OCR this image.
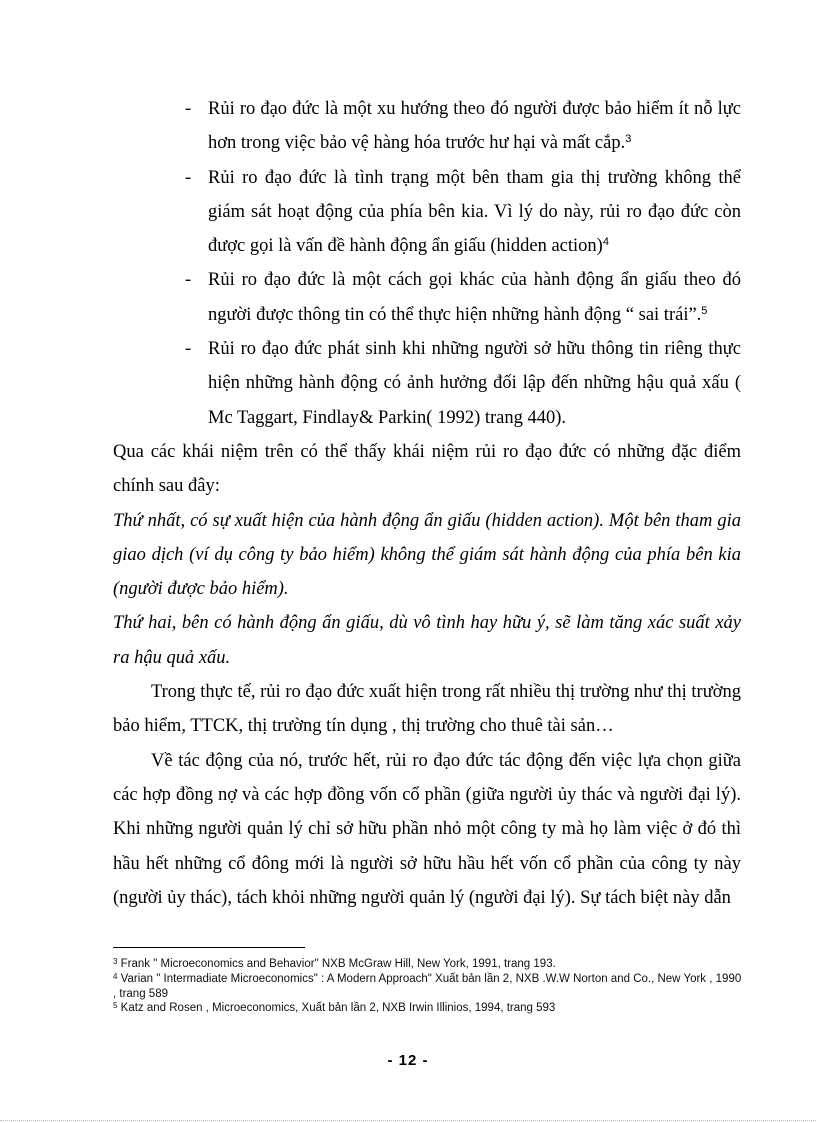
- Rủi ro đạo đức là một xu hướng theo đó người được bảo hiểm ít nỗ lực hơn trong việc bảo vệ hàng hóa trước hư hại và mất cắp.$^3$
- Rủi ro đạo đức là tình trạng một bên tham gia thị trường không thể giám sát hoạt động của phía bên kia. Vì lý do này, rủi ro đạo đức còn được gọi là vấn đề hành động ẩn giấu (hidden action)$^4$
- Rủi ro đạo đức là một cách gọi khác của hành động ẩn giấu theo đó người được thông tin có thể thực hiện những hành động “ sai trái”.$^5$
- Rủi ro đạo đức phát sinh khi những người sở hữu thông tin riêng thực hiện những hành động có ảnh hưởng đối lập đến những hậu quả xấu ( Mc Taggart, Findlay& Parkin( 1992) trang 440).

Qua các khái niệm trên có thể thấy khái niệm rủi ro đạo đức có những đặc điểm chính sau đây:

Thứ nhất, có sự xuất hiện của hành động ẩn giấu (hidden action). Một bên tham gia giao dịch (ví dụ công ty bảo hiểm) không thể giám sát hành động của phía bên kia (người được bảo hiểm).

Thứ hai, bên có hành động ẩn giấu, dù vô tình hay hữu ý, sẽ làm tăng xác suất xảy ra hậu quả xấu.

Trong thực tế, rủi ro đạo đức xuất hiện trong rất nhiều thị trường như thị trường bảo hiểm, TTCK, thị trường tín dụng , thị trường cho thuê tài sản…

Về tác động của nó, trước hết, rủi ro đạo đức tác động đến việc lựa chọn giữa các hợp đồng nợ và các hợp đồng vốn cổ phần (giữa người ủy thác và người đại lý). Khi những người quản lý chỉ sở hữu phần nhỏ một công ty mà họ làm việc ở đó thì hầu hết những cổ đông mới là người sở hữu hầu hết vốn cổ phần của công ty này (người ủy thác), tách khỏi những người quản lý (người đại lý). Sự tách biệt này dẫn

$^3$ Frank " Microeconomics and Behavior" NXB McGraw Hill, New York, 1991, trang 193.
$^4$ Varian " Intermadiate Microeconomics" : A Modern Approach" Xuất bản lần 2, NXB .W.W Norton and Co., New York , 1990 , trang 589
$^5$ Katz and Rosen , Microeconomics, Xuất bản lần 2, NXB Irwin Illinios, 1994, trang 593
- 12 -
